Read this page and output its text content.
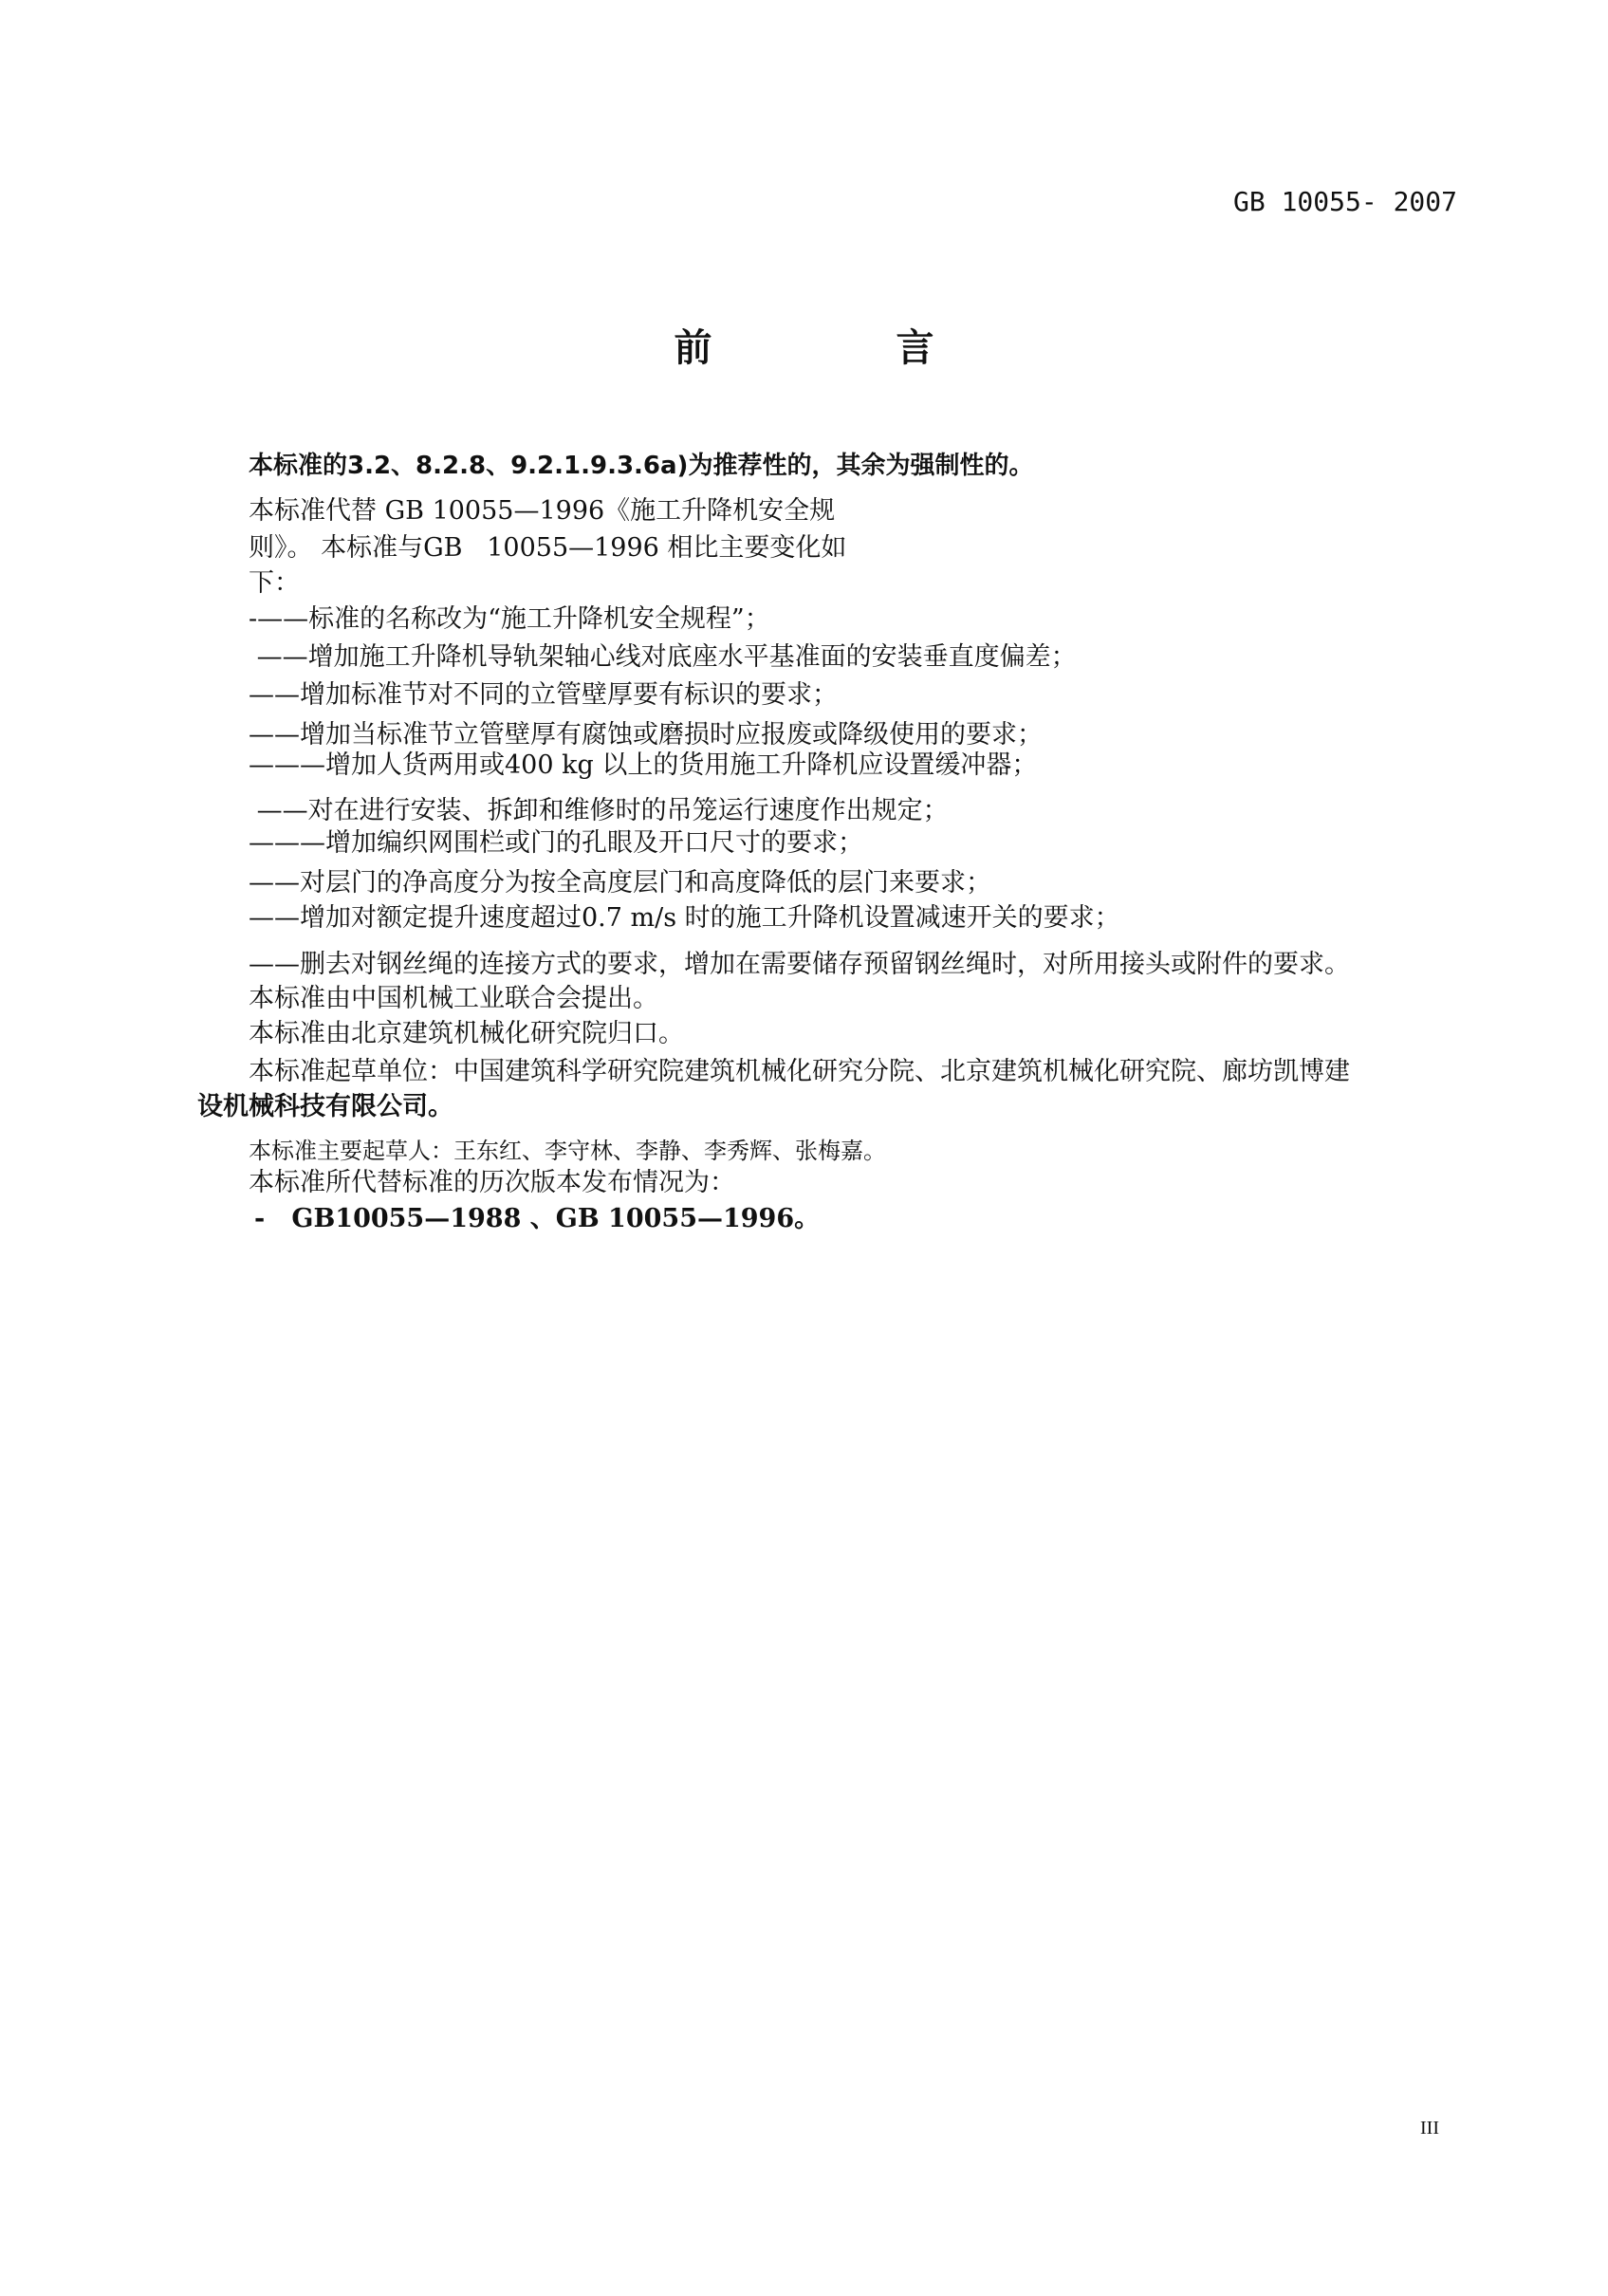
GB 10055- 2007
前 言
本标准的3.2、8.2.8、9.2.1.9.3.6a)为推荐性的，其余为强制性的。
本标准代替 GB 10055—1996《施工升降机安全规
则》。 本标准与GB   10055—1996 相比主要变化如
下：
-——标准的名称改为“施工升降机安全规程”；
——增加施工升降机导轨架轴心线对底座水平基准面的安装垂直度偏差；
——增加标准节对不同的立管壁厚要有标识的要求；
——增加当标准节立管壁厚有腐蚀或磨损时应报废或降级使用的要求；
———增加人货两用或400 kg 以上的货用施工升降机应设置缓冲器；
——对在进行安装、拆卸和维修时的吊笼运行速度作出规定；
———增加编织网围栏或门的孔眼及开口尺寸的要求；
——对层门的净高度分为按全高度层门和高度降低的层门来要求；
——增加对额定提升速度超过0.7 m/s 时的施工升降机设置减速开关的要求；
——删去对钢丝绳的连接方式的要求，增加在需要储存预留钢丝绳时，对所用接头或附件的要求。
本标准由中国机械工业联合会提出。
本标准由北京建筑机械化研究院归口。
本标准起草单位：中国建筑科学研究院建筑机械化研究分院、北京建筑机械化研究院、廊坊凯博建
设机械科技有限公司。
本标准主要起草人：王东红、李守林、李静、李秀辉、张梅嘉。
本标准所代替标准的历次版本发布情况为：
-   GB10055—1988 、GB 10055—1996。
III
